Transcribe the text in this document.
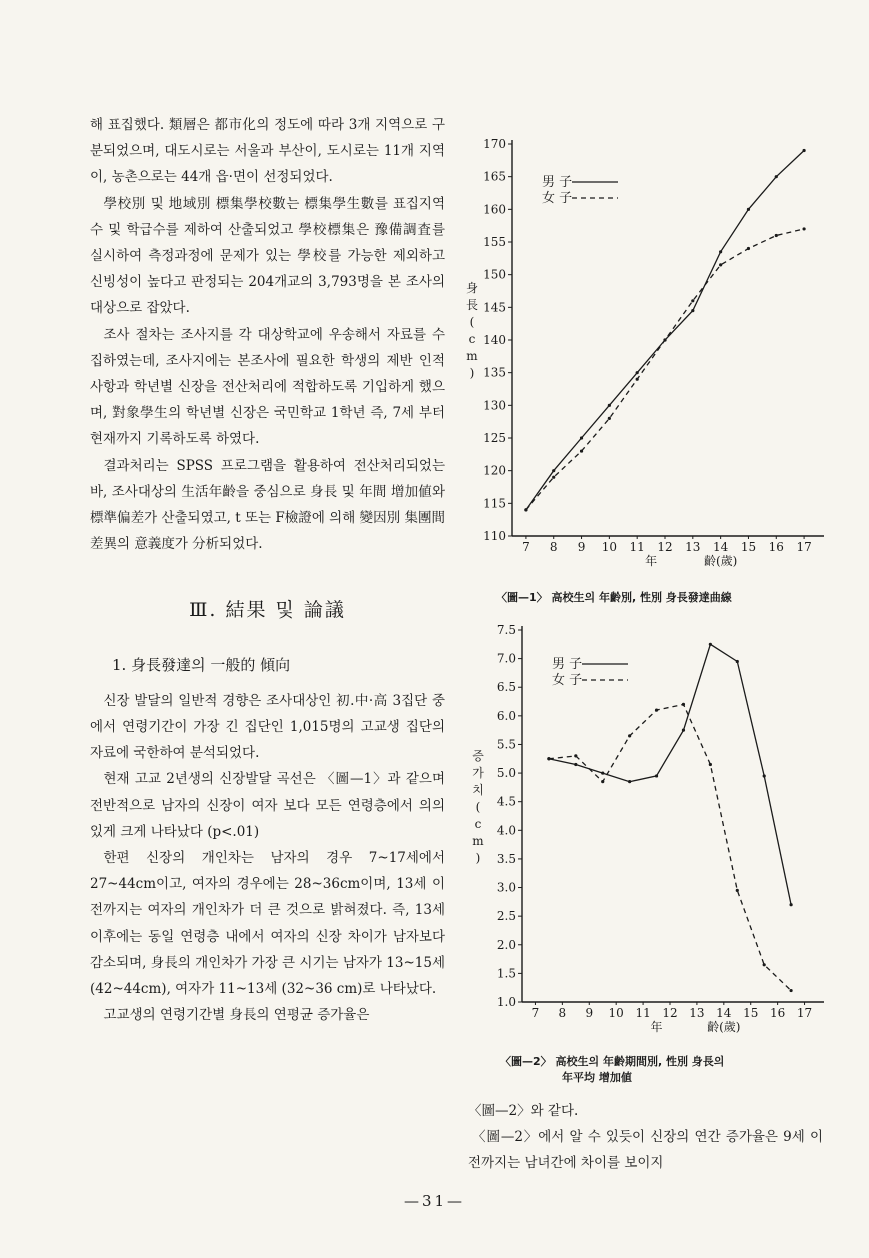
해 표집했다. 類層은 都市化의 정도에 따라 3개 지역으로 구분되었으며, 대도시로는 서울과 부산이, 도시로는 11개 지역이, 농촌으로는 44개 읍·면이 선정되었다.

學校別 및 地域別 標集學校數는 標集學生數를 표집지역수 및 학급수를 제하여 산출되었고 學校標集은 豫備調査를 실시하여 측정과정에 문제가 있는 學校를 가능한 제외하고 신빙성이 높다고 판정되는 204개교의 3,793명을 본 조사의 대상으로 잡았다.

조사 절차는 조사지를 각 대상학교에 우송해서 자료를 수집하였는데, 조사지에는 본조사에 필요한 학생의 제반 인적사항과 학년별 신장을 전산처리에 적합하도록 기입하게 했으며, 對象學生의 학년별 신장은 국민학교 1학년 즉, 7세 부터 현재까지 기록하도록 하였다.

결과처리는 SPSS 프로그램을 활용하여 전산처리되었는 바, 조사대상의 生活年齡을 중심으로 身長 및 年間 增加値와 標準偏差가 산출되였고, t 또는 F檢證에 의해 變因別 集團間 差異의 意義度가 分析되었다.

Ⅲ. 結果 및 論議
1. 身長發達의 一般的 傾向

신장 발달의 일반적 경향은 조사대상인 初.中·高 3집단 중에서 연령기간이 가장 긴 집단인 1,015명의 고교생 집단의 자료에 국한하여 분석되었다.

현재 고교 2년생의 신장발달 곡선은 〈圖—1〉과 같으며 전반적으로 남자의 신장이 여자 보다 모든 연령층에서 의의있게 크게 나타났다 (p<.01)

한편 신장의 개인차는 남자의 경우 7~17세에서 27~44cm이고, 여자의 경우에는 28~36cm이며, 13세 이전까지는 여자의 개인차가 더 큰 것으로 밝혀졌다. 즉, 13세 이후에는 동일 연령층 내에서 여자의 신장 차이가 남자보다 감소되며, 身長의 개인차가 가장 큰 시기는 남자가 13~15세 (42~44cm), 여자가 11~13세 (32~36 cm)로 나타났다.

고교생의 연령기간별 身長의 연평균 증가율은

110
115
120
125
130
135
140
145
150
155
160
165
170
7 8 9 10 11 12 13 14 15 16 17
年	齡(歲)
身
長
(
c
m
)
男 子
女 子
〈圖—1〉 高校生의 年齡別, 性別 身長發達曲線
1.0
1.5
2.0
2.5
3.0
3.5
4.0
4.5
5.0
5.5
6.0
6.5
7.0
7.5
7 8 9 10 11 12 13 14 15 16 17
年	齡(歲)
증
가
치
(
c
m
)
男 子
女 子
〈圖—2〉 高校生의 年齡期間別, 性別 身長의
年平均 增加値

〈圖—2〉와 같다.

〈圖—2〉에서 알 수 있듯이 신장의 연간 증가율은 9세 이전까지는 남녀간에 차이를 보이지

—31—
